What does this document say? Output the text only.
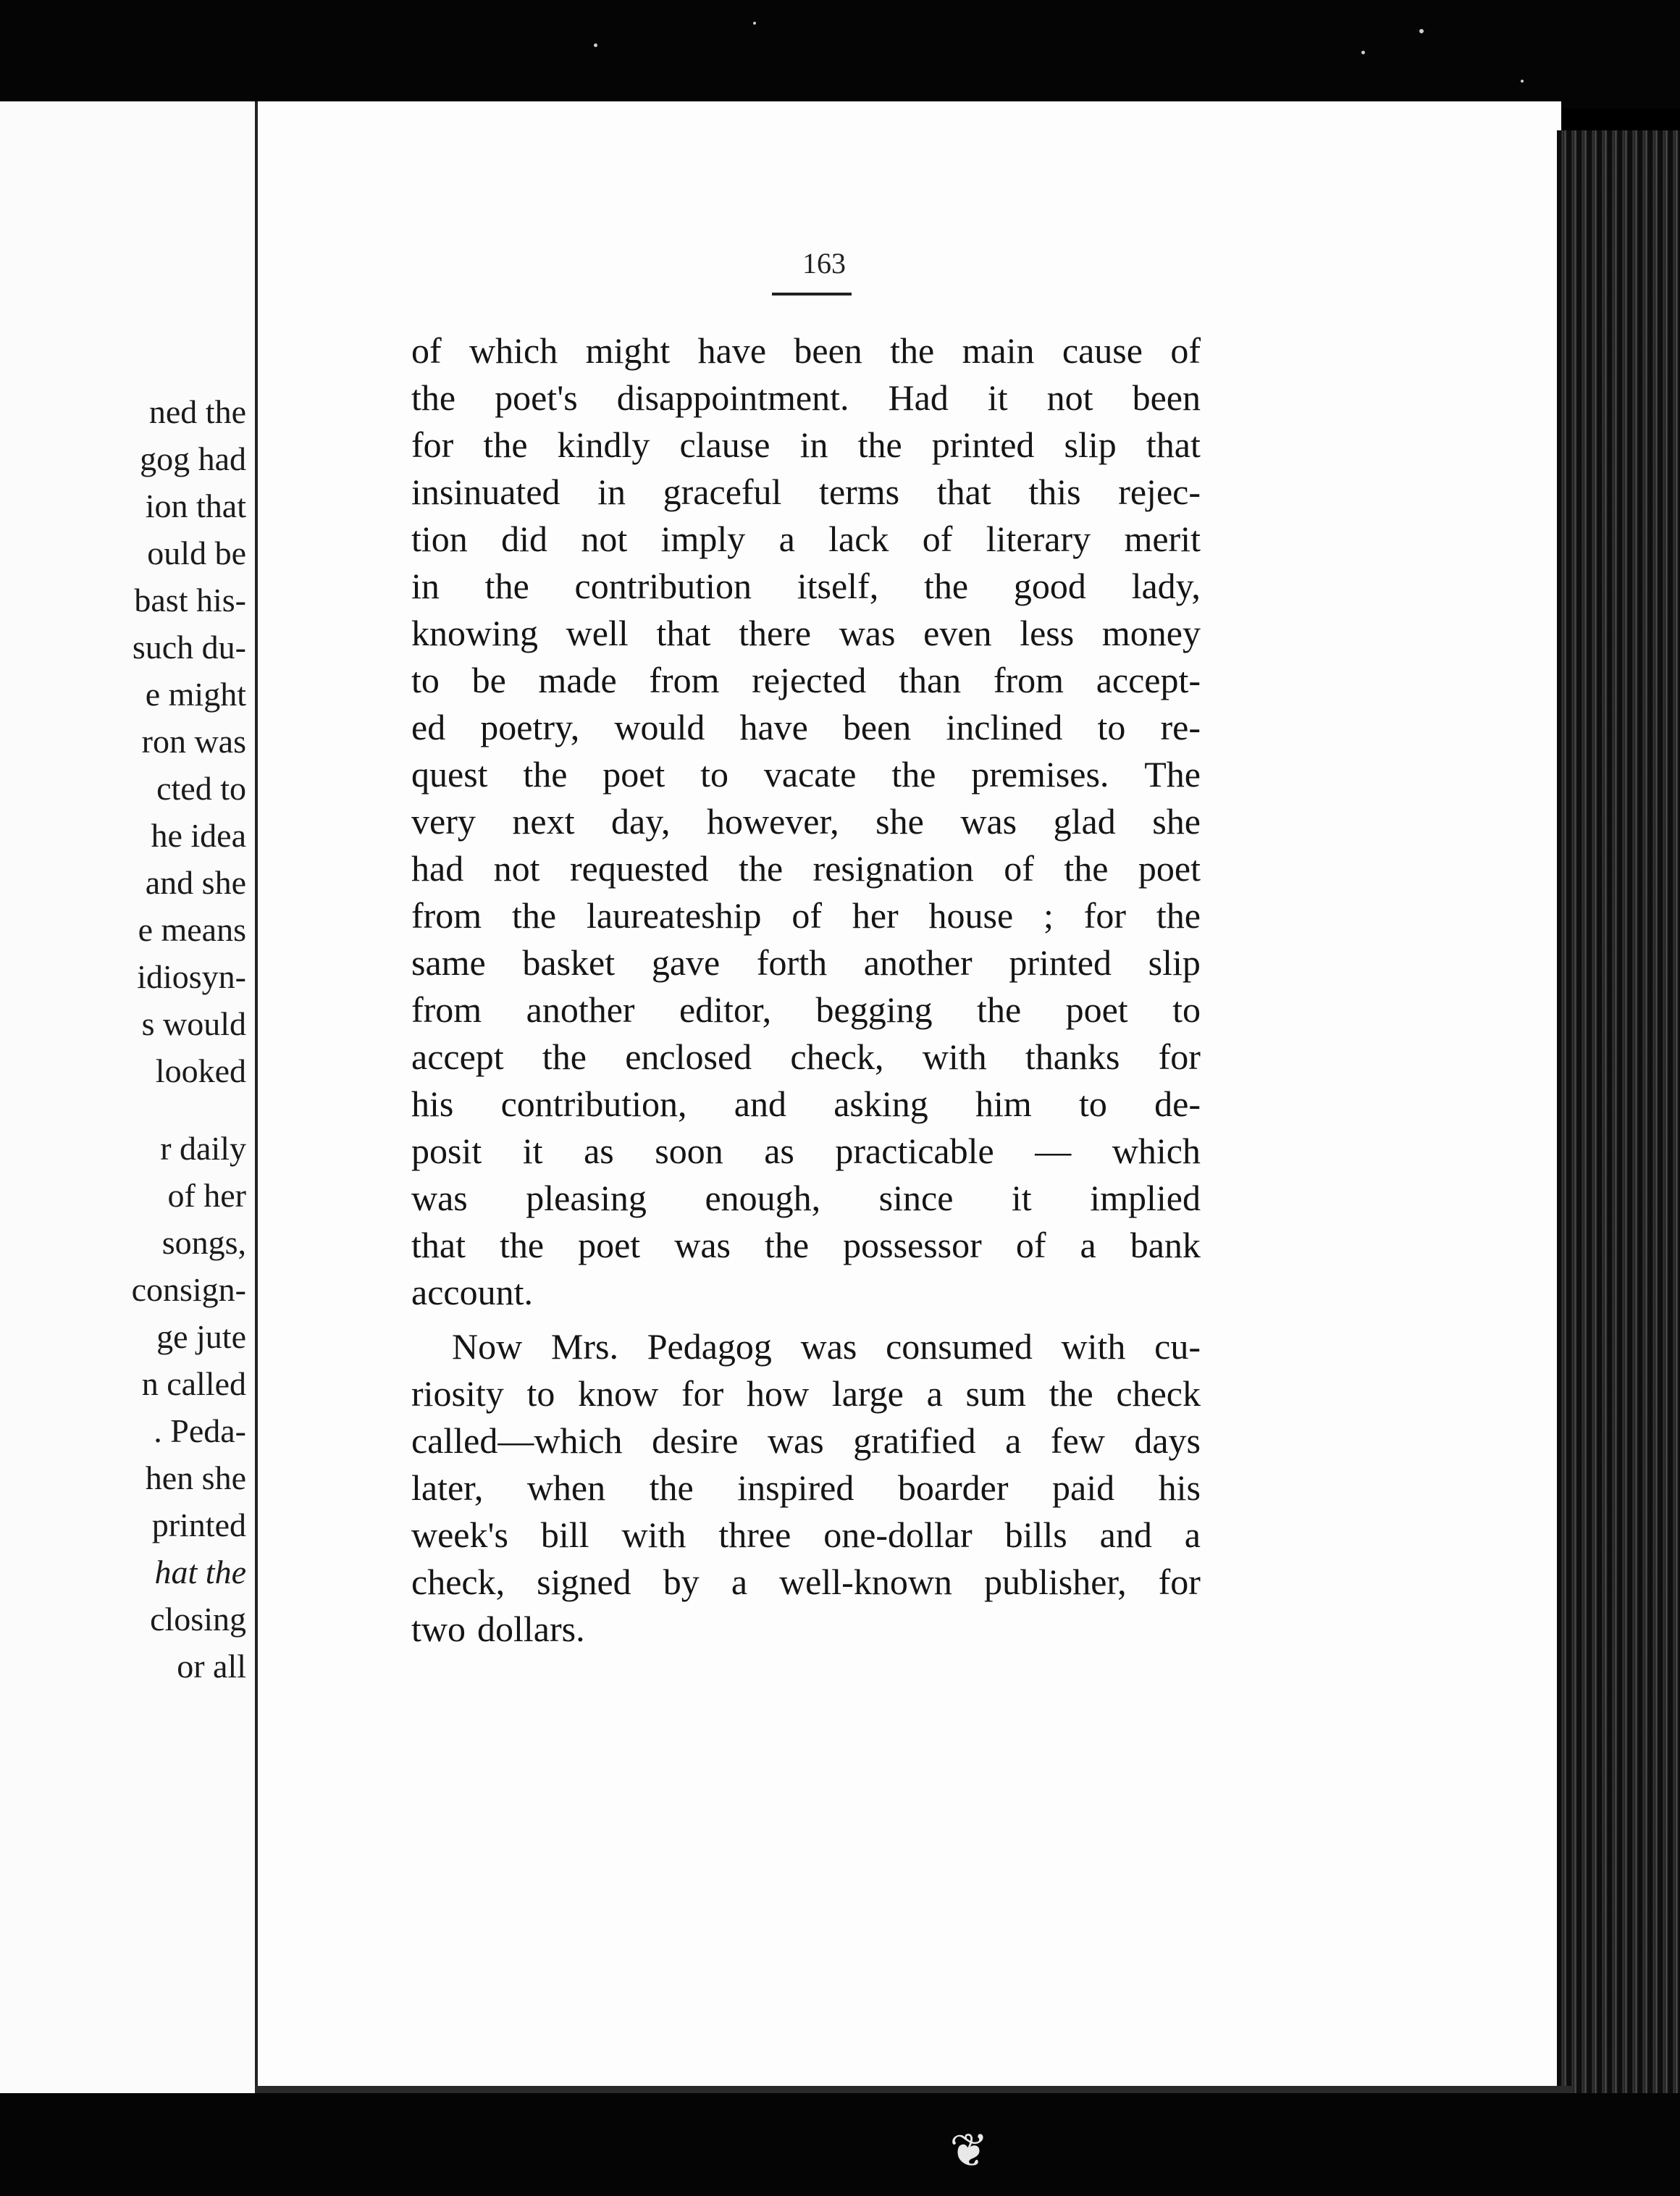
ned the
gog had
ion that
ould be
bast his-
such du-
e might
ron was
cted to
he idea
and she
e means
idiosyn-
s would
looked
r daily
of her
songs,
consign-
ge jute
n called
. Peda-
hen she
printed
hat the
closing
or all
163
of which might have been the main cause of
the poet's disappointment. Had it not been
for the kindly clause in the printed slip that
insinuated in graceful terms that this rejec-
tion did not imply a lack of literary merit
in the contribution itself, the good lady,
knowing well that there was even less money
to be made from rejected than from accept-
ed poetry, would have been inclined to re-
quest the poet to vacate the premises. The
very next day, however, she was glad she
had not requested the resignation of the poet
from the laureateship of her house ; for the
same basket gave forth another printed slip
from another editor, begging the poet to
accept the enclosed check, with thanks for
his contribution, and asking him to de-
posit it as soon as practicable — which
was pleasing enough, since it implied
that the poet was the possessor of a bank
account.
Now Mrs. Pedagog was consumed with cu-
riosity to know for how large a sum the check
called—which desire was gratified a few days
later, when the inspired boarder paid his
week's bill with three one-dollar bills and a
check, signed by a well-known publisher, for
two dollars.
❦
